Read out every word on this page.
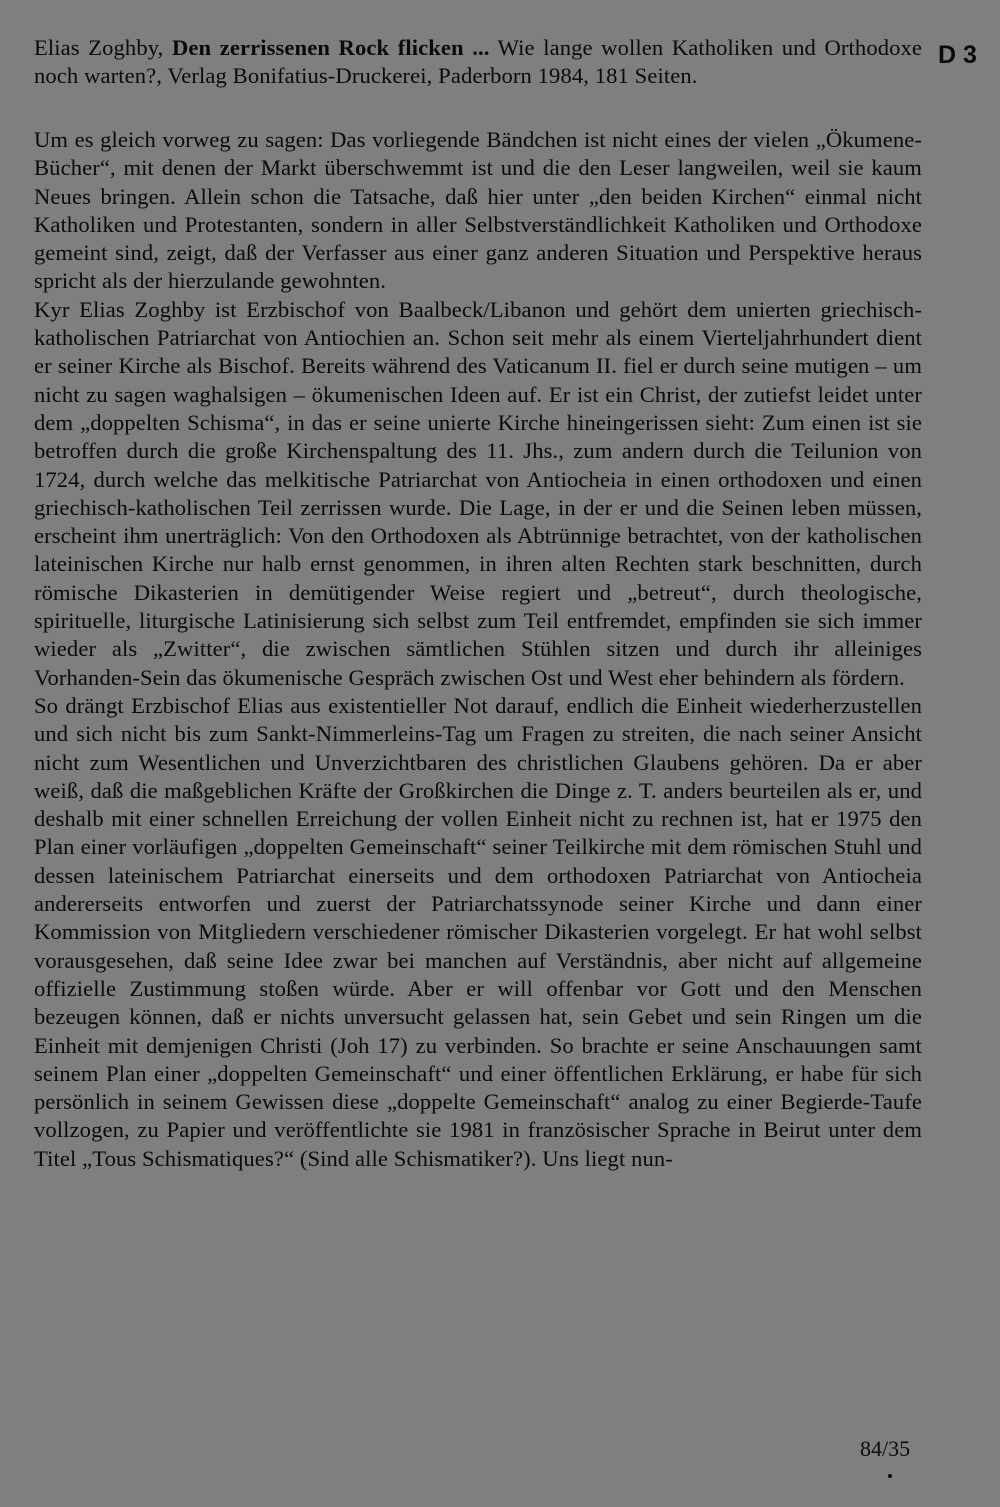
D 3
Elias Zoghby, Den zerrissenen Rock flicken ... Wie lange wollen Katholiken und Orthodoxe noch warten?, Verlag Bonifatius-Druckerei, Paderborn 1984, 181 Seiten.

Um es gleich vorweg zu sagen: Das vorliegende Bändchen ist nicht eines der vielen „Ökumene-Bücher“, mit denen der Markt überschwemmt ist und die den Leser langweilen, weil sie kaum Neues bringen. Allein schon die Tatsache, daß hier unter „den beiden Kirchen“ einmal nicht Katholiken und Protestanten, sondern in aller Selbstverständlichkeit Katholiken und Orthodoxe gemeint sind, zeigt, daß der Verfasser aus einer ganz anderen Situation und Perspektive heraus spricht als der hierzulande gewohnten.

Kyr Elias Zoghby ist Erzbischof von Baalbeck/Libanon und gehört dem unierten griechisch-katholischen Patriarchat von Antiochien an. Schon seit mehr als einem Vierteljahrhundert dient er seiner Kirche als Bischof. Bereits während des Vaticanum II. fiel er durch seine mutigen – um nicht zu sagen waghalsigen – ökumenischen Ideen auf. Er ist ein Christ, der zutiefst leidet unter dem „doppelten Schisma“, in das er seine unierte Kirche hineingerissen sieht: Zum einen ist sie betroffen durch die große Kirchenspaltung des 11. Jhs., zum andern durch die Teilunion von 1724, durch welche das melkitische Patriarchat von Antiocheia in einen orthodoxen und einen griechisch-katholischen Teil zerrissen wurde. Die Lage, in der er und die Seinen leben müssen, erscheint ihm unerträglich: Von den Orthodoxen als Abtrünnige betrachtet, von der katholischen lateinischen Kirche nur halb ernst genommen, in ihren alten Rechten stark beschnitten, durch römische Dikasterien in demütigender Weise regiert und „betreut“, durch theologische, spirituelle, liturgische Latinisierung sich selbst zum Teil entfremdet, empfinden sie sich immer wieder als „Zwitter“, die zwischen sämtlichen Stühlen sitzen und durch ihr alleiniges Vorhanden-Sein das ökumenische Gespräch zwischen Ost und West eher behindern als fördern.

So drängt Erzbischof Elias aus existentieller Not darauf, endlich die Einheit wiederherzustellen und sich nicht bis zum Sankt-Nimmerleins-Tag um Fragen zu streiten, die nach seiner Ansicht nicht zum Wesentlichen und Unverzichtbaren des christlichen Glaubens gehören. Da er aber weiß, daß die maßgeblichen Kräfte der Großkirchen die Dinge z. T. anders beurteilen als er, und deshalb mit einer schnellen Erreichung der vollen Einheit nicht zu rechnen ist, hat er 1975 den Plan einer vorläufigen „doppelten Gemeinschaft“ seiner Teilkirche mit dem römischen Stuhl und dessen lateinischem Patriarchat einerseits und dem orthodoxen Patriarchat von Antiocheia andererseits entworfen und zuerst der Patriarchatssynode seiner Kirche und dann einer Kommission von Mitgliedern verschiedener römischer Dikasterien vorgelegt. Er hat wohl selbst vorausgesehen, daß seine Idee zwar bei manchen auf Verständnis, aber nicht auf allgemeine offizielle Zustimmung stoßen würde. Aber er will offenbar vor Gott und den Menschen bezeugen können, daß er nichts unversucht gelassen hat, sein Gebet und sein Ringen um die Einheit mit demjenigen Christi (Joh 17) zu verbinden. So brachte er seine Anschauungen samt seinem Plan einer „doppelten Gemeinschaft“ und einer öffentlichen Erklärung, er habe für sich persönlich in seinem Gewissen diese „doppelte Gemeinschaft“ analog zu einer Begierde-Taufe vollzogen, zu Papier und veröffentlichte sie 1981 in französischer Sprache in Beirut unter dem Titel „Tous Schismatiques?“ (Sind alle Schismatiker?). Uns liegt nun-

84/35
